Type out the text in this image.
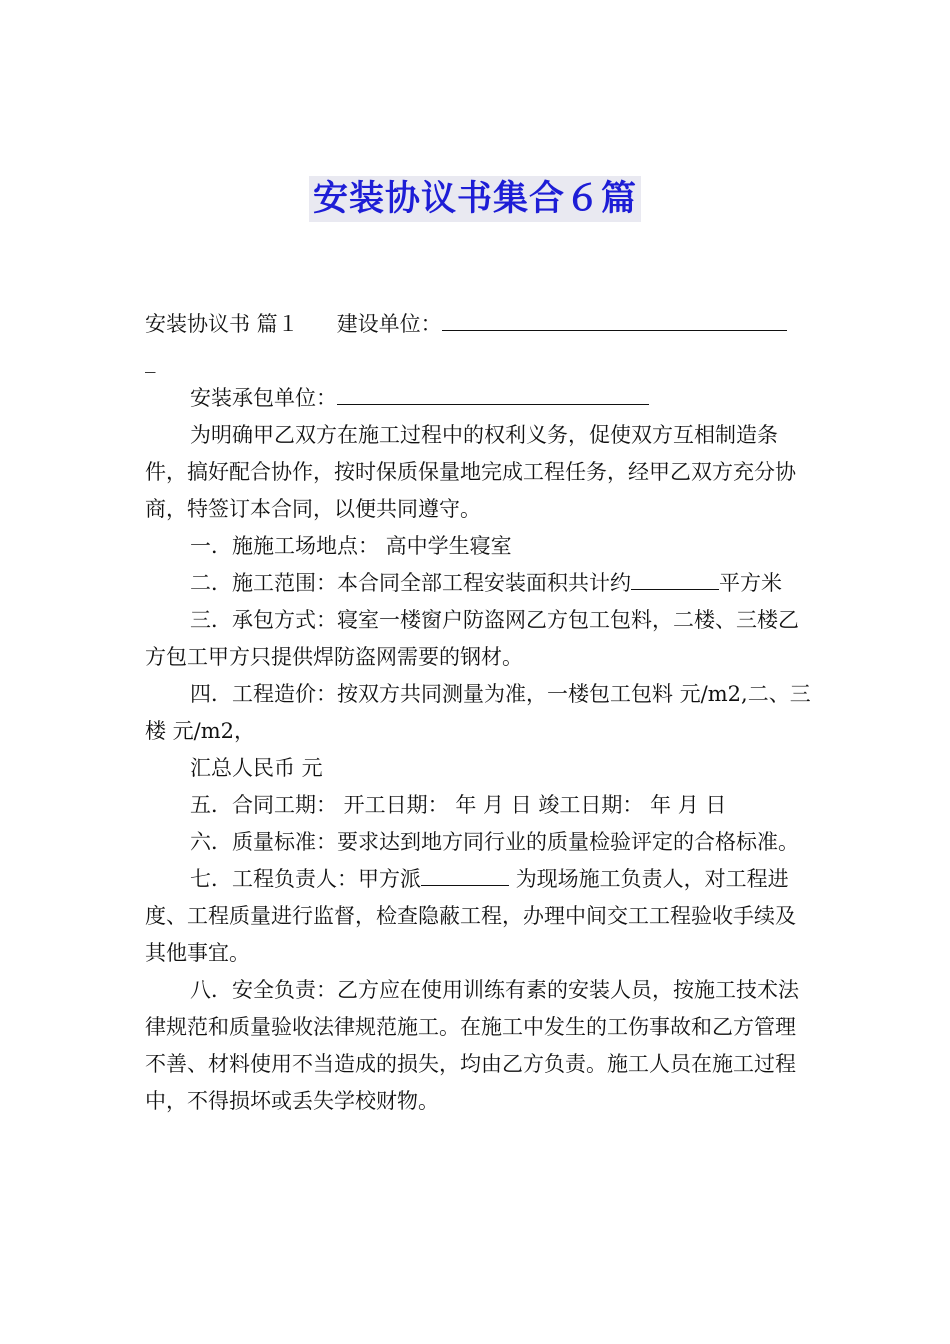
安装协议书集合６篇

安装协议书 篇１ 建设单位：

_

安装承包单位：

为明确甲乙双方在施工过程中的权利义务，促使双方互相制造条件，搞好配合协作，按时保质保量地完成工程任务，经甲乙双方充分协商，特签订本合同，以便共同遵守。

一．施施工场地点： 高中学生寝室

二．施工范围：本合同全部工程安装面积共计约	平方米

三．承包方式：寝室一楼窗户防盗网乙方包工包料，二楼、三楼乙方包工甲方只提供焊防盗网需要的钢材。

四．工程造价：按双方共同测量为准，一楼包工包料 元/m2,二、三楼 元/m2，

汇总人民币 元

五．合同工期： 开工日期： 年 月 日 竣工日期： 年 月 日

六．质量标准：要求达到地方同行业的质量检验评定的合格标准。

七．工程负责人：甲方派	为现场施工负责人，对工程进度、工程质量进行监督，检查隐蔽工程，办理中间交工工程验收手续及其他事宜。

八．安全负责：乙方应在使用训练有素的安装人员，按施工技术法律规范和质量验收法律规范施工。在施工中发生的工伤事故和乙方管理不善、材料使用不当造成的损失，均由乙方负责。施工人员在施工过程中，不得损坏或丢失学校财物。
